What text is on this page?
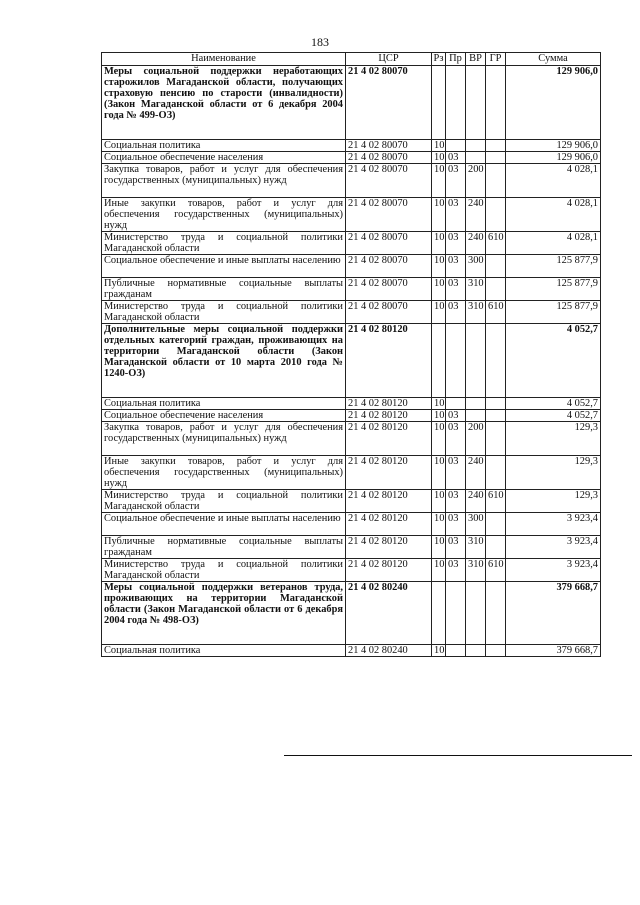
183
Наименование	ЦСР	Рз	Пр	ВР	ГР	Сумма
Меры социальной поддержки неработающих старожилов Магаданской области, получающих страховую пенсию по старости (инвалидности) (Закон Магаданской области от 6 декабря 2004 года № 499-ОЗ)	21 4 02 80070					129 906,0
Социальная политика	21 4 02 80070	10				129 906,0
Социальное обеспечение населения	21 4 02 80070	10	03			129 906,0
Закупка товаров, работ и услуг для обеспечения государственных (муниципальных) нужд	21 4 02 80070	10	03	200		4 028,1
Иные закупки товаров, работ и услуг для обеспечения государственных (муниципальных) нужд	21 4 02 80070	10	03	240		4 028,1
Министерство труда и социальной политики Магаданской области	21 4 02 80070	10	03	240	610	4 028,1
Социальное обеспечение и иные выплаты населению	21 4 02 80070	10	03	300		125 877,9
Публичные нормативные социальные выплаты гражданам	21 4 02 80070	10	03	310		125 877,9
Министерство труда и социальной политики Магаданской области	21 4 02 80070	10	03	310	610	125 877,9
Дополнительные меры социальной поддержки отдельных категорий граждан, проживающих на территории Магаданской области (Закон Магаданской области от 10 марта 2010 года № 1240-ОЗ)	21 4 02 80120					4 052,7
Социальная политика	21 4 02 80120	10				4 052,7
Социальное обеспечение населения	21 4 02 80120	10	03			4 052,7
Закупка товаров, работ и услуг для обеспечения государственных (муниципальных) нужд	21 4 02 80120	10	03	200		129,3
Иные закупки товаров, работ и услуг для обеспечения государственных (муниципальных) нужд	21 4 02 80120	10	03	240		129,3
Министерство труда и социальной политики Магаданской области	21 4 02 80120	10	03	240	610	129,3
Социальное обеспечение и иные выплаты населению	21 4 02 80120	10	03	300		3 923,4
Публичные нормативные социальные выплаты гражданам	21 4 02 80120	10	03	310		3 923,4
Министерство труда и социальной политики Магаданской области	21 4 02 80120	10	03	310	610	3 923,4
Меры социальной поддержки ветеранов труда, проживающих на территории Магаданской области (Закон Магаданской области от 6 декабря 2004 года № 498-ОЗ)	21 4 02 80240					379 668,7
Социальная политика	21 4 02 80240	10				379 668,7
